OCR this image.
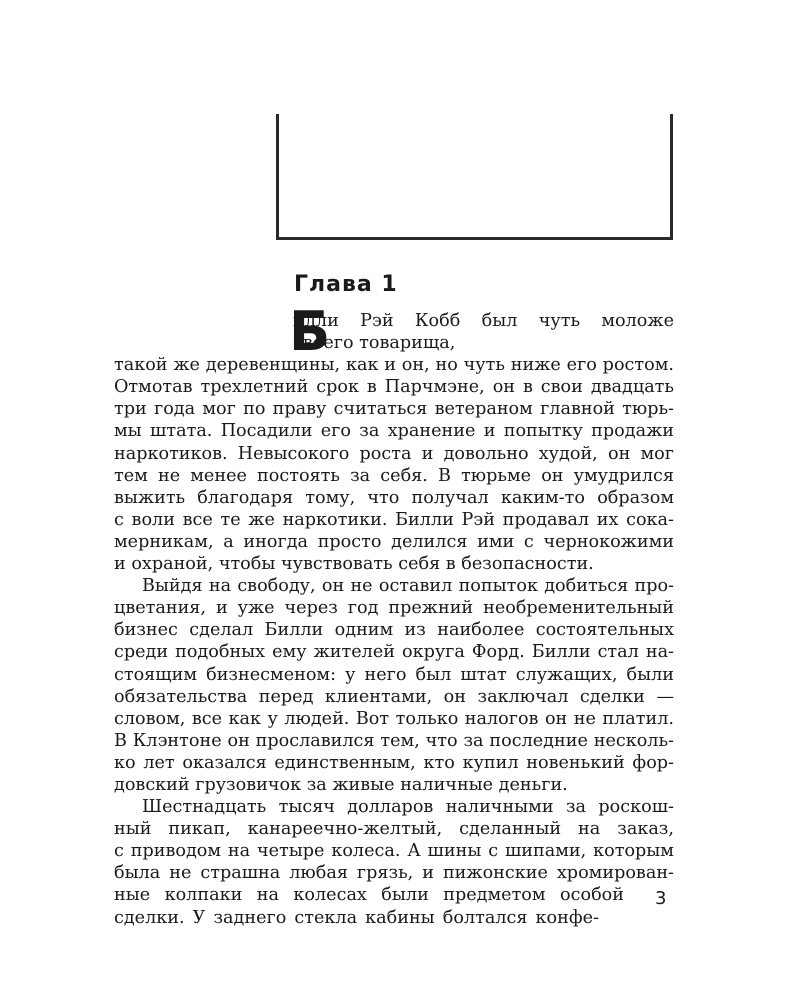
Глава 1
Б
илли Рэй Кобб был чуть моложе
своего товарища,
такой же деревенщины, как и он, но чуть ниже его ростом.
Отмотав трехлетний срок в Парчмэне, он в свои двадцать
три года мог по праву считаться ветераном главной тюрь-
мы штата. Посадили его за хранение и попытку продажи
наркотиков. Невысокого роста и довольно худой, он мог
тем не менее постоять за себя. В тюрьме он умудрился
выжить благодаря тому, что получал каким-то образом
с воли все те же наркотики. Билли Рэй продавал их сока-
мерникам, а иногда просто делился ими с чернокожими
и охраной, чтобы чувствовать себя в безопасности.
Выйдя на свободу, он не оставил попыток добиться про-
цветания, и уже через год прежний необременительный
бизнес сделал Билли одним из наиболее состоятельных
среди подобных ему жителей округа Форд. Билли стал на-
стоящим бизнесменом: у него был штат служащих, были
обязательства перед клиентами, он заключал сделки —
словом, все как у людей. Вот только налогов он не платил.
В Клэнтоне он прославился тем, что за последние несколь-
ко лет оказался единственным, кто купил новенький фор-
довский грузовичок за живые наличные деньги.
Шестнадцать тысяч долларов наличными за роскош-
ный пикап, канареечно-желтый, сделанный на заказ,
с приводом на четыре колеса. А шины с шипами, которым
была не страшна любая грязь, и пижонские хромирован-
ные колпаки на колесах были предметом особой
сделки. У заднего стекла кабины болтался конфе-
3
